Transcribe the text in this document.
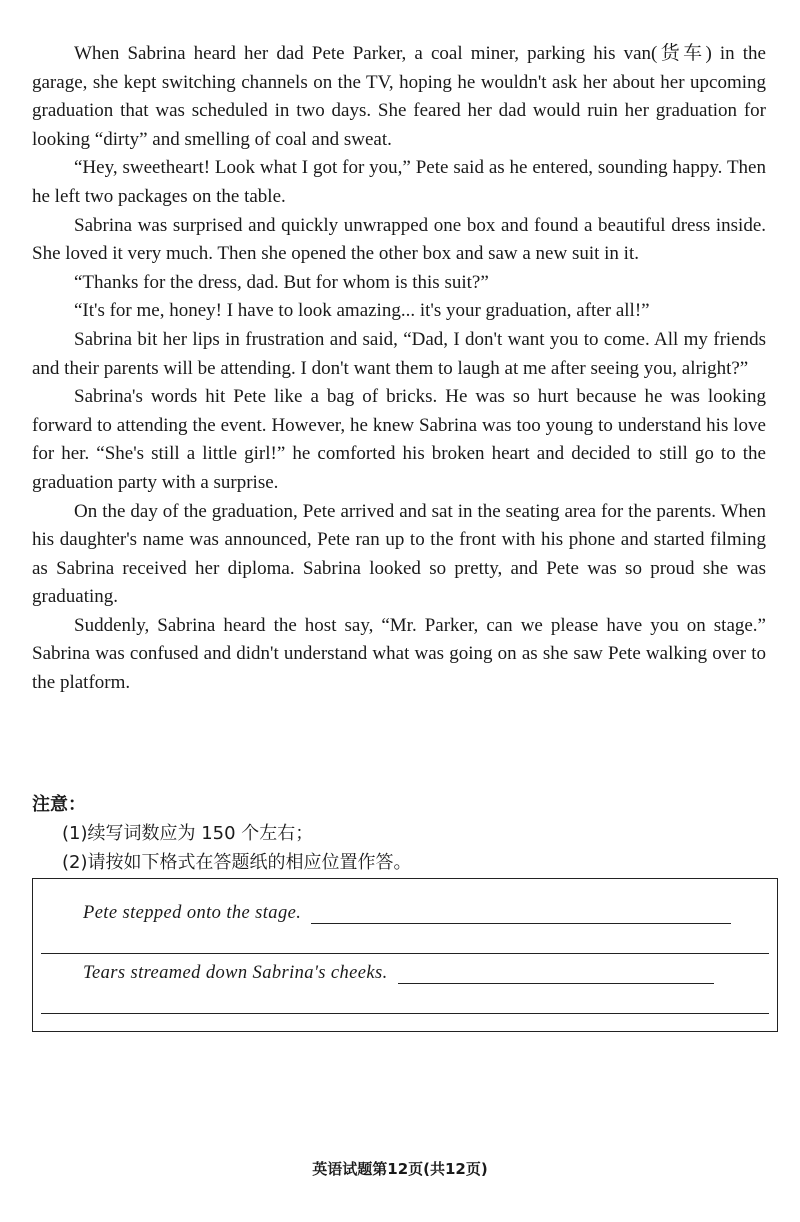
When Sabrina heard her dad Pete Parker, a coal miner, parking his van(货车) in the garage, she kept switching channels on the TV, hoping he wouldn't ask her about her upcoming graduation that was scheduled in two days. She feared her dad would ruin her graduation for looking “dirty” and smelling of coal and sweat.

“Hey, sweetheart! Look what I got for you,” Pete said as he entered, sounding happy. Then he left two packages on the table.

Sabrina was surprised and quickly unwrapped one box and found a beautiful dress inside. She loved it very much. Then she opened the other box and saw a new suit in it.

“Thanks for the dress, dad. But for whom is this suit?”

“It's for me, honey! I have to look amazing... it's your graduation, after all!”

Sabrina bit her lips in frustration and said, “Dad, I don't want you to come. All my friends and their parents will be attending. I don't want them to laugh at me after seeing you, alright?”

Sabrina's words hit Pete like a bag of bricks. He was so hurt because he was looking forward to attending the event. However, he knew Sabrina was too young to understand his love for her. “She's still a little girl!” he comforted his broken heart and decided to still go to the graduation party with a surprise.

On the day of the graduation, Pete arrived and sat in the seating area for the parents. When his daughter's name was announced, Pete ran up to the front with his phone and started filming as Sabrina received her diploma. Sabrina looked so pretty, and Pete was so proud she was graduating.

Suddenly, Sabrina heard the host say, “Mr. Parker, can we please have you on stage.” Sabrina was confused and didn't understand what was going on as she saw Pete walking over to the platform.

注意：
(1)续写词数应为 150 个左右；
(2)请按如下格式在答题纸的相应位置作答。
Pete stepped onto the stage.
Tears streamed down Sabrina's cheeks.
英语试题第12页(共12页)
